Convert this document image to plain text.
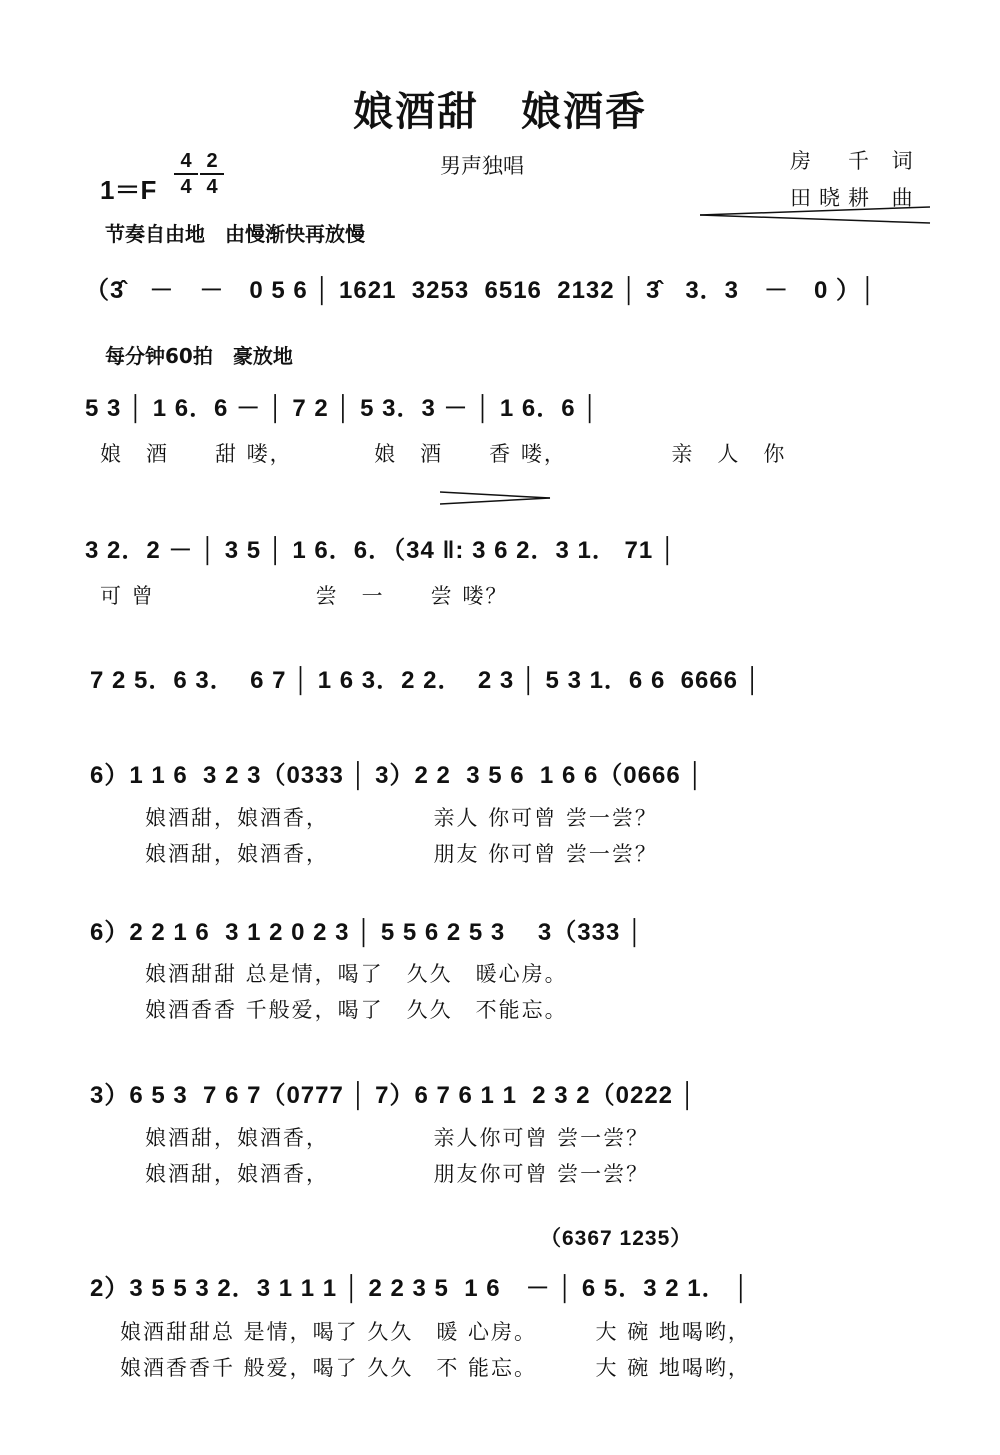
娘酒甜　娘酒香
1＝F
4
4
2
4
男声独唱	房　千 词
田晓耕 曲
节奏自由地　由慢渐快再放慢
每分钟60拍　豪放地
（3̂　－　－　0 5 6 │ 1621  3253  6516  2132 │ 3̂　3．3　－　0 ）│
5 3 │ 1 6．6 － │ 7 2 │ 5 3．3 － │ 1 6．6 │
娘　酒　　甜 喽，　　　　娘　酒　　香 喽，　　　　　亲　人　你
3 2．2 － │ 3 5 │ 1 6．6．（34 ‖: 3 6 2．3 1． 71 │
可 曾　　　　　　　尝　一　　尝 喽？
7 2 5．6 3．  6 7 │ 1 6 3．2 2．  2 3 │ 5 3 1．6 6  6666 │
6）1 1 6  3 2 3（0333 │ 3）2 2  3 5 6  1 6 6（0666 │
娘酒甜，娘酒香，　　　　　亲人 你可曾 尝一尝？
娘酒甜，娘酒香，　　　　　朋友 你可曾 尝一尝？
6）2 2 1 6  3 1 2 0 2 3 │ 5 5 6 2 5 3　 3（333 │
娘酒甜甜 总是情，喝了　久久　暖心房。
娘酒香香 千般爱，喝了　久久　不能忘。
3）6 5 3  7 6 7（0777 │ 7）6 7 6 1 1  2 3 2（0222 │
娘酒甜，娘酒香，　　　　　亲人你可曾 尝一尝？
娘酒甜，娘酒香，　　　　　朋友你可曾 尝一尝？
（6367 1235）
2）3 5 5 3 2．3 1 1 1 │ 2 2 3 5  1 6　－ │ 6 5．3 2 1． │
娘酒甜甜总 是情，喝了 久久　暖 心房。　　　大 碗 地喝哟，
娘酒香香千 般爱，喝了 久久　不 能忘。　　　大 碗 地喝哟，
